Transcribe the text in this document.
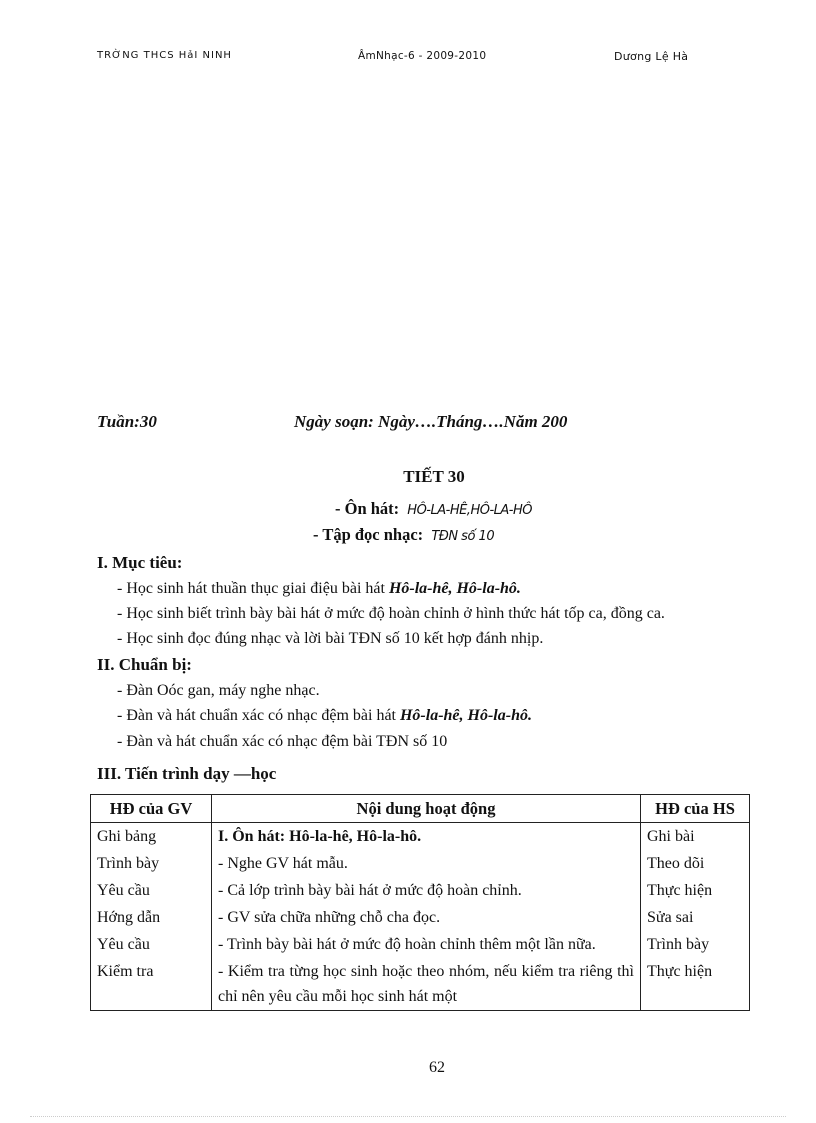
TRỜNG THCS HảI NINH	ÂmNhạc-6 - 2009-2010	Dương Lệ Hà
Tuần:30	Ngày soạn: Ngày….Tháng….Năm 200
TIẾT 30
- Ôn hát: HÔ-LA-HÊ,HÔ-LA-HÔ
- Tập đọc nhạc: TĐN số 10
I. Mục tiêu:
- Học sinh hát thuần thục giai điệu bài hát Hô-la-hê, Hô-la-hô.
- Học sinh biết trình bày bài hát ở mức độ hoàn chỉnh ở hình thức hát tốp ca, đồng ca.
- Học sinh đọc đúng nhạc và lời bài TĐN số 10 kết hợp đánh nhịp.
II. Chuẩn bị:
- Đàn Oóc gan, máy nghe nhạc.
- Đàn và hát chuẩn xác có nhạc đệm bài hát Hô-la-hê, Hô-la-hô.
- Đàn và hát chuẩn xác có nhạc đệm bài TĐN số 10
III. Tiến trình dạy —học
HĐ của GV	Nội dung hoạt động	HĐ của HS
Ghi bảng	I. Ôn hát: Hô-la-hê, Hô-la-hô.	Ghi bài
Trình bày	- Nghe GV hát mẫu.	Theo dõi
Yêu cầu	- Cả lớp trình bày bài hát ở mức độ hoàn chỉnh.	Thực hiện
Hớng dẫn	- GV sửa chữa những chỗ cha đọc.	Sửa sai
Yêu cầu	- Trình bày bài hát ở mức độ hoàn chỉnh thêm một lần nữa.	Trình bày
Kiểm tra	- Kiểm tra từng học sinh hoặc theo nhóm, nếu kiểm tra riêng thì chỉ nên yêu cầu mỗi học sinh hát một	Thực hiện
62
